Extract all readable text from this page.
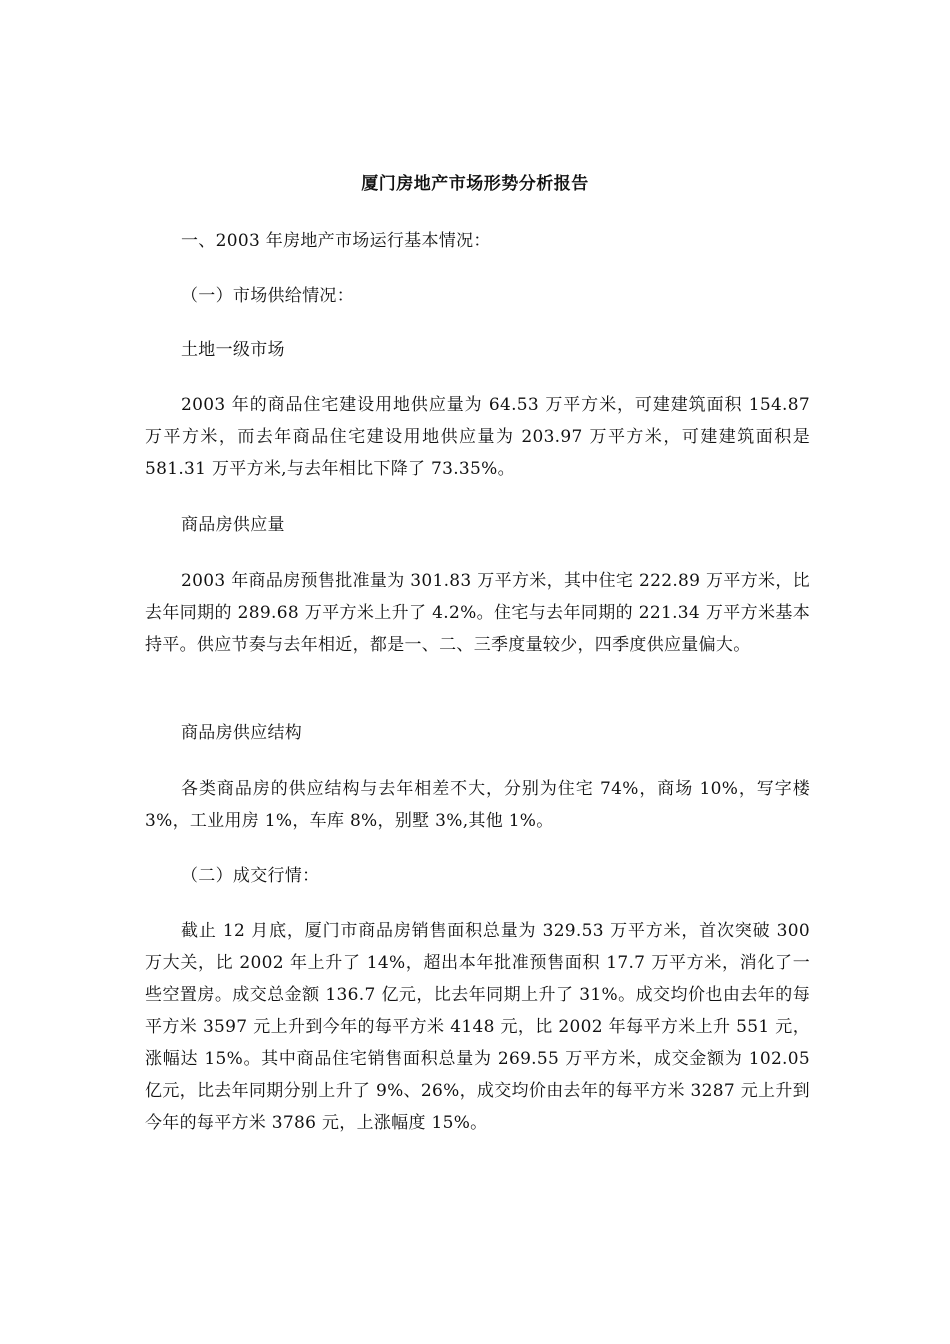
厦门房地产市场形势分析报告
一、2003 年房地产市场运行基本情况：
（一）市场供给情况：
土地一级市场
2003 年的商品住宅建设用地供应量为 64.53 万平方米，可建建筑面积 154.87 万平方米，而去年商品住宅建设用地供应量为 203.97 万平方米，可建建筑面积是 581.31 万平方米,与去年相比下降了 73.35%。
商品房供应量
2003 年商品房预售批准量为 301.83 万平方米，其中住宅 222.89 万平方米，比去年同期的 289.68 万平方米上升了 4.2%。住宅与去年同期的 221.34 万平方米基本持平。供应节奏与去年相近，都是一、二、三季度量较少，四季度供应量偏大。
商品房供应结构
各类商品房的供应结构与去年相差不大，分别为住宅 74%，商场 10%，写字楼 3%，工业用房 1%，车库 8%，别墅 3%,其他 1%。
（二）成交行情：
截止 12 月底，厦门市商品房销售面积总量为 329.53 万平方米，首次突破 300 万大关，比 2002 年上升了 14%，超出本年批准预售面积 17.7 万平方米，消化了一些空置房。成交总金额 136.7 亿元，比去年同期上升了 31%。成交均价也由去年的每平方米 3597 元上升到今年的每平方米 4148 元，比 2002 年每平方米上升 551 元，涨幅达 15%。其中商品住宅销售面积总量为 269.55 万平方米，成交金额为 102.05 亿元，比去年同期分别上升了 9%、26%，成交均价由去年的每平方米 3287 元上升到今年的每平方米 3786 元，上涨幅度 15%。
